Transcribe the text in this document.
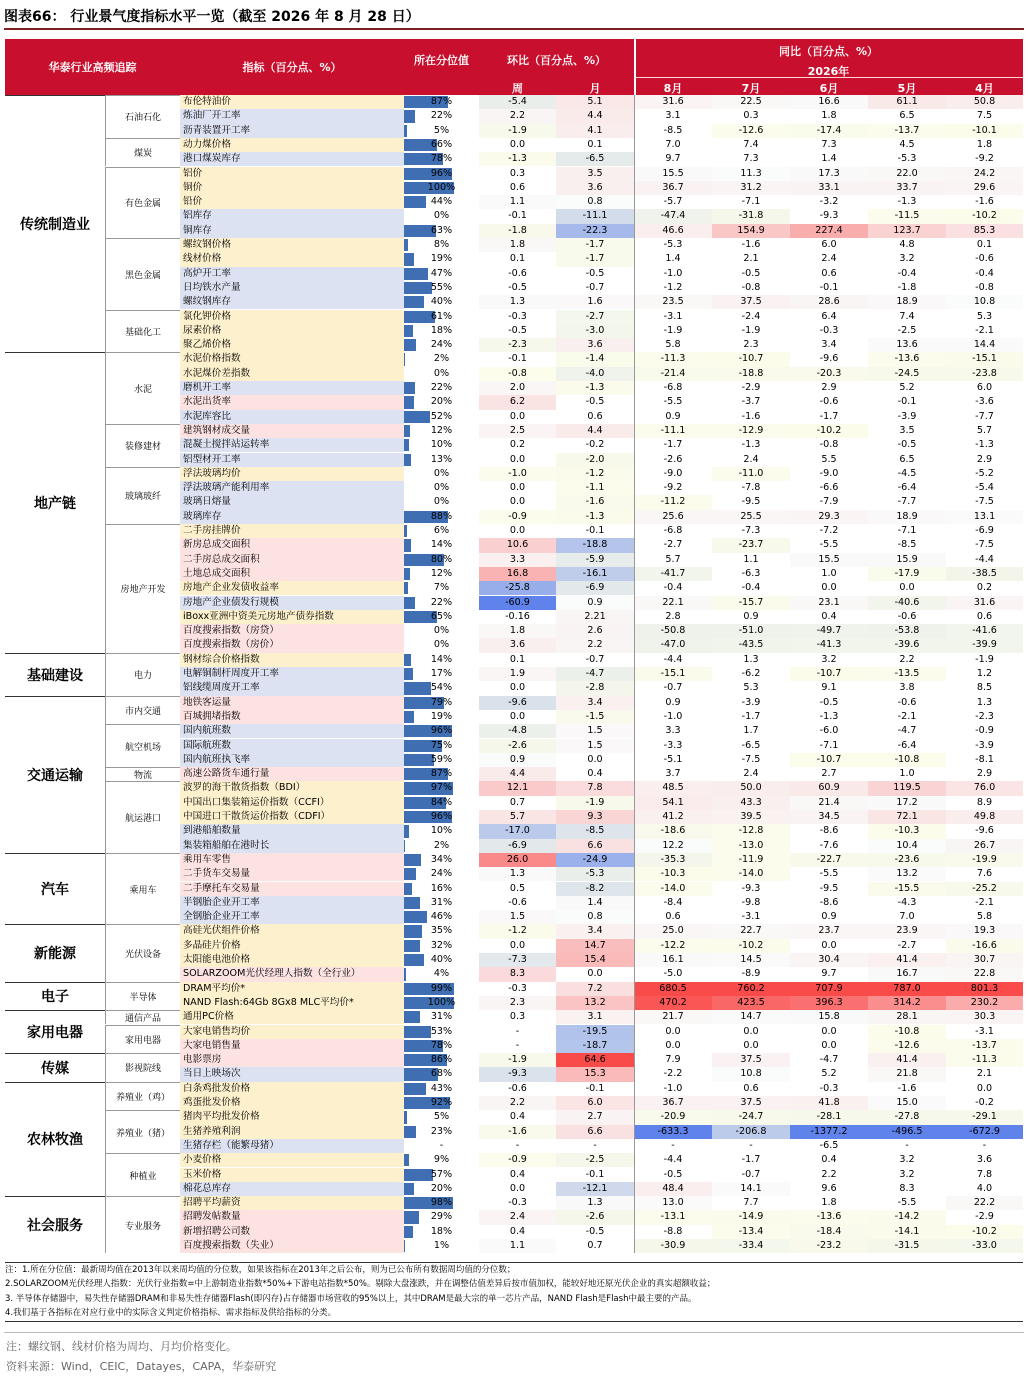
图表66： 行业景气度指标水平一览（截至 2026 年 8 月 28 日）
华泰行业高频追踪	指标（百分点、%）
所在分位值	环比（百分点、%）
周	月
同比（百分点、%）
2026年
8月	7月	6月	5月	4月
布伦特油价	87%	-5.4	5.1	31.6	22.5	16.6	61.1	50.8
炼油厂开工率	22%	2.2	4.4	3.1	0.3	1.8	6.5	7.5
沥青装置开工率	5%	-1.9	4.1	-8.5	-12.6	-17.4	-13.7	-10.1
石油石化
动力煤价格	66%	0.0	0.1	7.0	7.4	7.3	4.5	1.8
港口煤炭库存	78%	-1.3	-6.5	9.7	7.3	1.4	-5.3	-9.2
煤炭
铝价	96%	0.3	3.5	15.5	11.3	17.3	22.0	24.2
铜价	100%	0.6	3.6	36.7	31.2	33.1	33.7	29.6
铅价	44%	1.1	0.8	-5.7	-7.1	-3.2	-1.3	-1.6
铝库存	0%	-0.1	-11.1	-47.4	-31.8	-9.3	-11.5	-10.2
铜库存	63%	-1.8	-22.3	46.6	154.9	227.4	123.7	85.3
有色金属
螺纹钢价格	8%	1.8	-1.7	-5.3	-1.6	6.0	4.8	0.1
线材价格	19%	0.1	-1.7	1.4	2.1	2.4	3.2	-0.6
高炉开工率	47%	-0.6	-0.5	-1.0	-0.5	0.6	-0.4	-0.4
日均铁水产量	55%	-0.5	-0.7	-1.2	-0.8	-0.1	-1.8	-0.8
螺纹钢库存	40%	1.3	1.6	23.5	37.5	28.6	18.9	10.8
黑色金属
氯化钾价格	61%	-0.3	-2.7	-3.1	-2.4	6.4	7.4	5.3
尿素价格	18%	-0.5	-3.0	-1.9	-1.9	-0.3	-2.5	-2.1
聚乙烯价格	24%	-2.3	3.6	5.8	2.3	3.4	13.6	14.4
基础化工
传统制造业
水泥价格指数	2%	-0.1	-1.4	-11.3	-10.7	-9.6	-13.6	-15.1
水泥煤价差指数	0%	-0.8	-4.0	-21.4	-18.8	-20.3	-24.5	-23.8
磨机开工率	22%	2.0	-1.3	-6.8	-2.9	2.9	5.2	6.0
水泥出货率	20%	6.2	-0.5	-5.5	-3.7	-0.6	-0.1	-3.6
水泥库容比	52%	0.0	0.6	0.9	-1.6	-1.7	-3.9	-7.7
水泥
建筑钢材成交量	12%	2.5	4.4	-11.1	-12.9	-10.2	3.5	5.7
混凝土搅拌站运转率	10%	0.2	-0.2	-1.7	-1.3	-0.8	-0.5	-1.3
铝型材开工率	13%	0.0	-2.0	-2.6	2.4	5.5	6.5	2.9
装修建材
浮法玻璃均价	0%	-1.0	-1.2	-9.0	-11.0	-9.0	-4.5	-5.2
浮法玻璃产能利用率	0%	0.0	-1.1	-9.2	-7.8	-6.6	-6.4	-5.4
玻璃日熔量	0%	0.0	-1.6	-11.2	-9.5	-7.9	-7.7	-7.5
玻璃库存	88%	-0.9	-1.3	25.6	25.5	29.3	18.9	13.1
玻璃玻纤
二手房挂牌价	6%	0.0	-0.1	-6.8	-7.3	-7.2	-7.1	-6.9
新房总成交面积	14%	10.6	-18.8	-2.7	-23.7	-5.5	-8.5	-7.5
二手房总成交面积	80%	3.3	-5.9	5.7	1.1	15.5	15.9	-4.4
土地总成交面积	12%	16.8	-16.1	-41.7	-6.3	1.0	-17.9	-38.5
房地产企业发债收益率	7%	-25.8	-6.9	-0.4	-0.4	0.0	0.0	0.2
房地产企业债发行规模	22%	-60.9	0.9	22.1	-15.7	23.1	-40.6	31.6
iBoxx亚洲中资美元房地产债券指数	65%	-0.16	2.21	2.8	0.9	0.4	-0.6	0.6
百度搜索指数（房贷）	0%	1.8	2.6	-50.8	-51.0	-49.7	-53.8	-41.6
百度搜索指数（房价）	0%	3.6	2.2	-47.0	-43.5	-41.3	-39.6	-39.9
房地产开发
地产链
钢材综合价格指数	14%	0.1	-0.7	-4.4	1.3	3.2	2.2	-1.9
电解铜制杆周度开工率	17%	1.9	-4.7	-15.1	-6.2	-10.7	-13.5	1.2
铝线缆周度开工率	54%	0.0	-2.8	-0.7	5.3	9.1	3.8	8.5
电力
基础建设
地铁客运量	79%	-9.6	3.4	0.9	-3.9	-0.5	-0.6	1.3
百城拥堵指数	19%	0.0	-1.5	-1.0	-1.7	-1.3	-2.1	-2.3
市内交通
国内航班数	96%	-4.8	1.5	3.3	1.7	-6.0	-4.7	-0.9
国际航班数	75%	-2.6	1.5	-3.3	-6.5	-7.1	-6.4	-3.9
国内航班执飞率	59%	0.9	0.0	-5.1	-7.5	-10.7	-10.8	-8.1
航空机场
高速公路货车通行量	87%	4.4	0.4	3.7	2.4	2.7	1.0	2.9
物流
波罗的海干散货指数（BDI）	97%	12.1	7.8	48.5	50.0	60.9	119.5	76.0
中国出口集装箱运价指数（CCFI）	84%	0.7	-1.9	54.1	43.3	21.4	17.2	8.9
中国进口干散货运价指数（CDFI）	96%	5.7	9.3	41.2	39.5	34.5	72.1	49.8
到港船舶数量	10%	-17.0	-8.5	-18.6	-12.8	-8.6	-10.3	-9.6
集装箱船舶在港时长	2%	-6.9	6.6	12.2	-13.0	-7.6	10.4	26.7
航运港口
交通运输
乘用车零售	34%	26.0	-24.9	-35.3	-11.9	-22.7	-23.6	-19.9
二手货车交易量	24%	1.3	-5.3	-10.3	-14.0	-5.5	13.2	7.6
二手摩托车交易量	16%	0.5	-8.2	-14.0	-9.3	-9.5	-15.5	-25.2
半钢胎企业开工率	31%	-0.6	1.4	-8.4	-9.8	-8.6	-4.3	-2.1
全钢胎企业开工率	46%	1.5	0.8	0.6	-3.1	0.9	7.0	5.8
乘用车
汽车
高硅光伏组件价格	35%	-1.2	3.4	25.0	22.7	23.7	23.9	19.3
多晶硅片价格	32%	0.0	14.7	-12.2	-10.2	0.0	-2.7	-16.6
太阳能电池价格	40%	-7.3	15.4	16.1	14.5	30.4	41.4	30.7
SOLARZOOM光伏经理人指数（全行业）	4%	8.3	0.0	-5.0	-8.9	9.7	16.7	22.8
光伏设备
新能源
DRAM平均价*	99%	-0.3	7.2	680.5	760.2	707.9	787.0	801.3
NAND Flash:64Gb 8Gx8 MLC平均价*	100%	2.3	13.2	470.2	423.5	396.3	314.2	230.2
半导体
电子
通用PC价格	31%	0.3	3.1	21.7	14.7	15.8	28.1	30.3
通信产品
大家电销售均价	53%	-	-19.5	0.0	0.0	0.0	-10.8	-3.1
大家电销售量	78%	-	-18.7	0.0	0.0	0.0	-12.6	-13.7
家用电器
家用电器
电影票房	86%	-1.9	64.6	7.9	37.5	-4.7	41.4	-11.3
当日上映场次	68%	-9.3	15.3	-2.2	10.8	5.2	21.8	2.1
影视院线
传媒
白条鸡批发价格	43%	-0.6	-0.1	-1.0	0.6	-0.3	-1.6	0.0
鸡蛋批发价格	92%	2.2	6.0	36.7	37.5	41.8	15.0	-0.2
养殖业（鸡）
猪肉平均批发价格	5%	0.4	2.7	-20.9	-24.7	-28.1	-27.8	-29.1
生猪养殖利润	23%	-1.6	6.6	-633.3	-206.8	-1377.2	-496.5	-672.9
生猪存栏（能繁母猪）	-	-	-	-	-	-6.5	-	-
养殖业（猪）
小麦价格	9%	-0.9	-2.5	-4.4	-1.7	0.4	3.2	3.6
玉米价格	57%	0.4	-0.1	-0.5	-0.7	2.2	3.2	7.8
棉花总库存	20%	0.0	-12.1	48.4	14.1	9.6	8.3	4.0
种植业
农林牧渔
招聘平均薪资	98%	-0.3	1.3	13.0	7.7	1.8	-5.5	22.2
招聘发帖数量	29%	2.4	-2.6	-13.1	-14.9	-13.6	-14.2	-2.9
新增招聘公司数	18%	0.4	-0.5	-8.8	-13.4	-18.4	-14.1	-10.2
百度搜索指数（失业）	1%	1.1	0.7	-30.9	-33.4	-23.2	-31.5	-33.0
专业服务
社会服务
注：1.所在分位值：最新周均值在2013年以来周均值的分位数，如果该指标在2013年之后公布，则为已公布所有数据周均值的分位数；
2.SOLARZOOM光伏经理人指数：光伏行业指数=中上游制造业指数*50%+下游电站指数*50%。剔除大盘涨跌，并在调整估值差异后按市值加权，能较好地还原光伏企业的真实超额收益；
3. 半导体存储器中，易失性存储器DRAM和非易失性存储器Flash(即闪存)占存储器市场营收的95%以上，其中DRAM是最大宗的单一芯片产品，NAND Flash是Flash中最主要的产品。
4.我们基于各指标在对应行业中的实际含义判定价格指标、需求指标及供给指标的分类。
注：螺纹钢、线材价格为周均、月均价格变化。
资料来源：Wind，CEIC，Datayes，CAPA，华泰研究
